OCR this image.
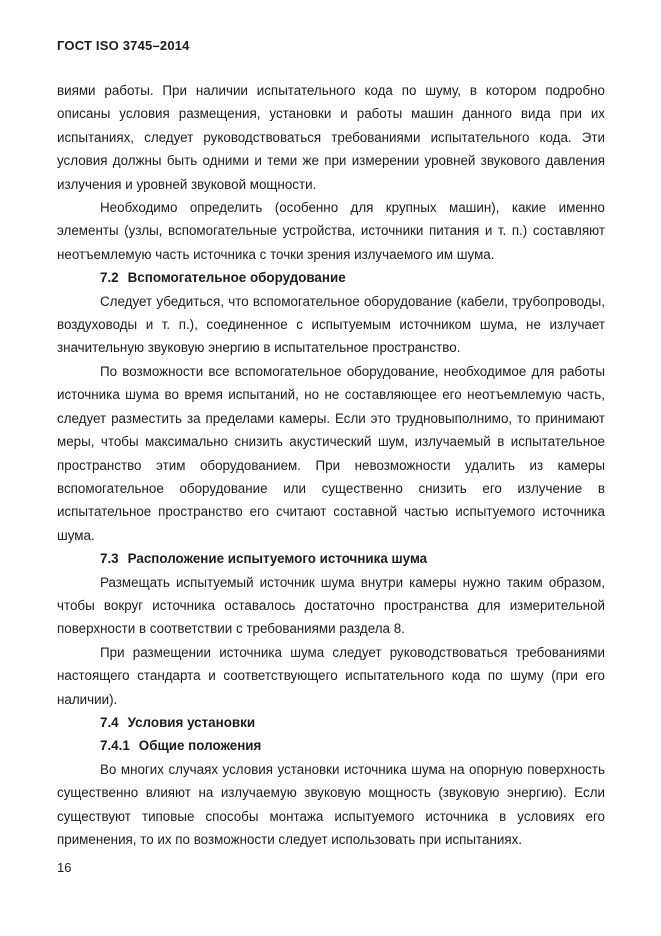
ГОСТ ISO 3745–2014

виями работы. При наличии испытательного кода по шуму, в котором подробно описаны условия размещения, установки и работы машин данного вида при их испытаниях, следует руководствоваться требованиями испытательного кода. Эти условия должны быть одними и теми же при измерении уровней звукового давления излучения и уровней звуковой мощности.

Необходимо определить (особенно для крупных машин), какие именно элементы (узлы, вспомогательные устройства, источники питания и т. п.) составляют неотъемлемую часть источника с точки зрения излучаемого им шума.

7.2 Вспомогательное оборудование

Следует убедиться, что вспомогательное оборудование (кабели, трубопроводы, воздуховоды и т. п.), соединенное с испытуемым источником шума, не излучает значительную звуковую энергию в испытательное пространство.

По возможности все вспомогательное оборудование, необходимое для работы источника шума во время испытаний, но не составляющее его неотъемлемую часть, следует разместить за пределами камеры. Если это трудновыполнимо, то принимают меры, чтобы максимально снизить акустический шум, излучаемый в испытательное пространство этим оборудованием. При невозможности удалить из камеры вспомогательное оборудование или существенно снизить его излучение в испытательное пространство его считают составной частью испытуемого источника шума.

7.3 Расположение испытуемого источника шума

Размещать испытуемый источник шума внутри камеры нужно таким образом, чтобы вокруг источника оставалось достаточно пространства для измерительной поверхности в соответствии с требованиями раздела 8.

При размещении источника шума следует руководствоваться требованиями настоящего стандарта и соответствующего испытательного кода по шуму (при его наличии).

7.4 Условия установки

7.4.1 Общие положения

Во многих случаях условия установки источника шума на опорную поверхность существенно влияют на излучаемую звуковую мощность (звуковую энергию). Если существуют типовые способы монтажа испытуемого источника в условиях его применения, то их по возможности следует использовать при испытаниях.

16
